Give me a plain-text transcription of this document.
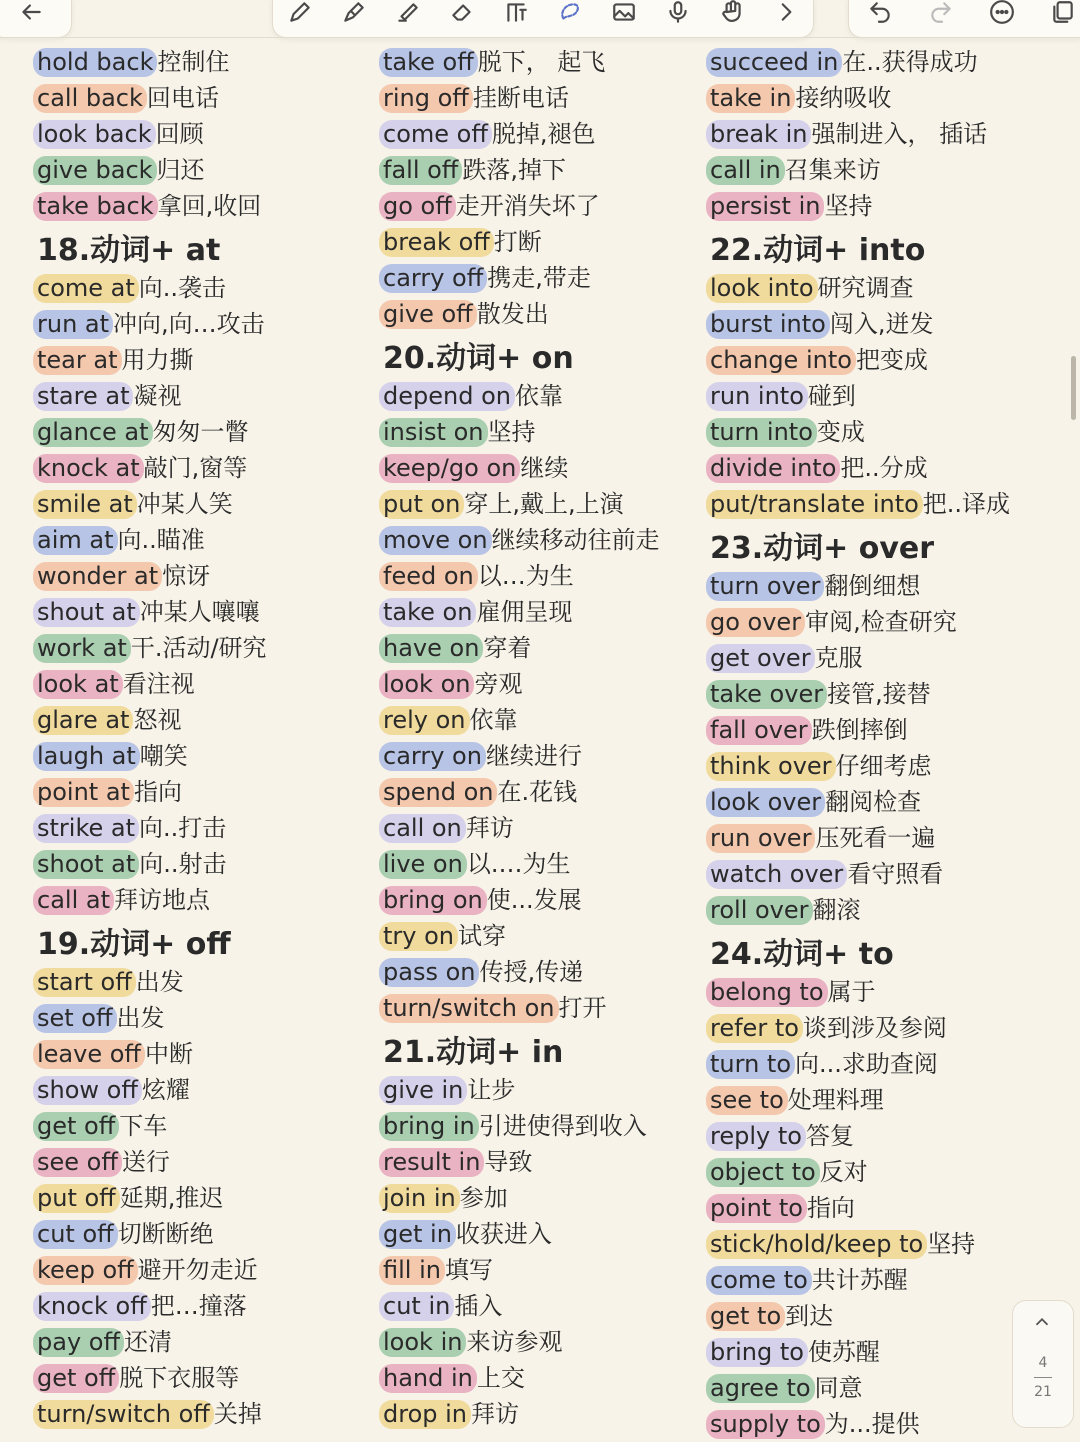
hold back 控制住
call back 回电话
look back 回顾
give back 归还
take back 拿回,收回
18.动词+ at
come at 向..袭击
run at 冲向,向…攻击
tear at 用力撕
stare at 凝视
glance at 匆匆一瞥
knock at 敲门,窗等
smile at 冲某人笑
aim at 向..瞄准
wonder at 惊讶
shout at 冲某人嚷嚷
work at 干.活动/研究
look at 看注视
glare at 怒视
laugh at 嘲笑
point at 指向
strike at 向..打击
shoot at 向..射击
call at 拜访地点
19.动词+ off
start off 出发
set off 出发
leave off 中断
show off 炫耀
get off 下车
see off 送行
put off 延期,推迟
cut off 切断断绝
keep off 避开勿走近
knock off 把…撞落
pay off 还清
get off 脱下衣服等
turn/switch off 关掉
take off 脱下， 起飞
ring off 挂断电话
come off 脱掉,褪色
fall off 跌落,掉下
go off 走开消失坏了
break off 打断
carry off 携走,带走
give off 散发出
20.动词+ on
depend on 依靠
insist on 坚持
keep/go on 继续
put on 穿上,戴上,上演
move on 继续移动往前走
feed on 以…为生
take on 雇佣呈现
have on 穿着
look on 旁观
rely on 依靠
carry on 继续进行
spend on 在.花钱
call on 拜访
live on 以.…为生
bring on 使...发展
try on 试穿
pass on 传授,传递
turn/switch on 打开
21.动词+ in
give in 让步
bring in 引进使得到收入
result in 导致
join in 参加
get in 收获进入
fill in 填写
cut in 插入
look in 来访参观
hand in 上交
drop in 拜访
succeed in 在..获得成功
take in 接纳吸收
break in 强制进入， 插话
call in 召集来访
persist in 坚持
22.动词+ into
look into 研究调查
burst into 闯入,迸发
change into 把变成
run into 碰到
turn into 变成
divide into 把..分成
put/translate into 把..译成
23.动词+ over
turn over 翻倒细想
go over 审阅,检查研究
get over 克服
take over 接管,接替
fall over 跌倒摔倒
think over 仔细考虑
look over 翻阅检查
run over 压死看一遍
watch over 看守照看
roll over 翻滚
24.动词+ to
belong to 属于
refer to 谈到涉及参阅
turn to 向...求助查阅
see to 处理料理
reply to 答复
object to 反对
point to 指向
stick/hold/keep to 坚持
come to 共计苏醒
get to 到达
bring to 使苏醒
agree to 同意
supply to 为...提供
4
21
